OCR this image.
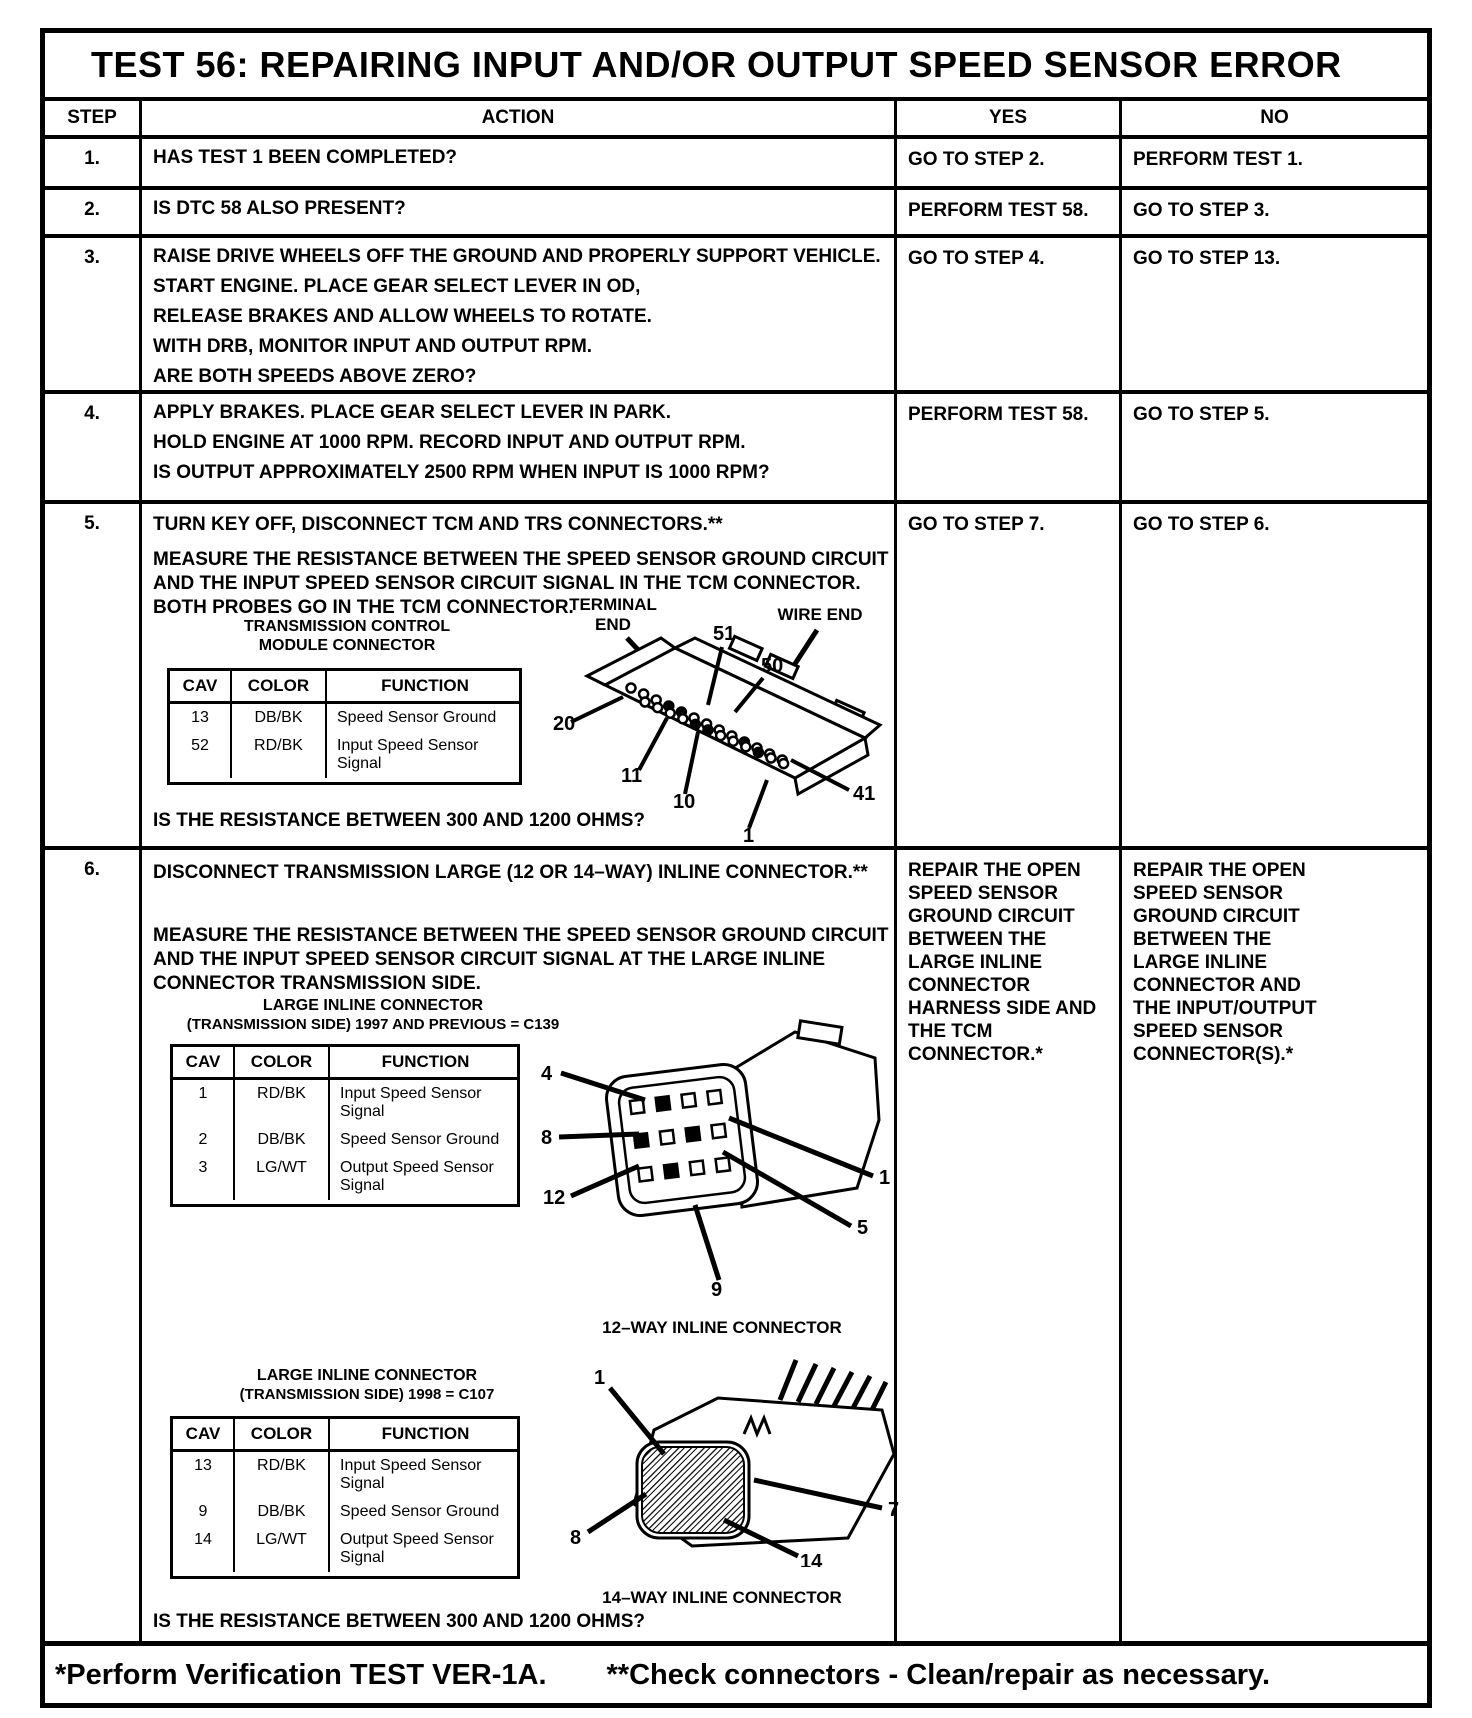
TEST 56: REPAIRING INPUT AND/OR OUTPUT SPEED SENSOR ERROR
STEP	ACTION	YES	NO
1.	HAS TEST 1 BEEN COMPLETED?	GO TO STEP 2.	PERFORM TEST 1.
2.	IS DTC 58 ALSO PRESENT?	PERFORM TEST 58.	GO TO STEP 3.
3.	RAISE DRIVE WHEELS OFF THE GROUND AND PROPERLY SUPPORT VEHICLE.
START ENGINE. PLACE GEAR SELECT LEVER IN OD,
RELEASE BRAKES AND ALLOW WHEELS TO ROTATE.
WITH DRB, MONITOR INPUT AND OUTPUT RPM.
ARE BOTH SPEEDS ABOVE ZERO?
GO TO STEP 4.	GO TO STEP 13.
4.	APPLY BRAKES. PLACE GEAR SELECT LEVER IN PARK.
HOLD ENGINE AT 1000 RPM. RECORD INPUT AND OUTPUT RPM.
IS OUTPUT APPROXIMATELY 2500 RPM WHEN INPUT IS 1000 RPM?
PERFORM TEST 58.	GO TO STEP 5.
5.	TURN KEY OFF, DISCONNECT TCM AND TRS CONNECTORS.**
MEASURE THE RESISTANCE BETWEEN THE SPEED SENSOR GROUND CIRCUIT
AND THE INPUT SPEED SENSOR CIRCUIT SIGNAL IN THE TCM CONNECTOR.
BOTH PROBES GO IN THE TCM CONNECTOR.
TRANSMISSION CONTROL
MODULE CONNECTOR
CAV	COLOR	FUNCTION
13	DB/BK	Speed Sensor Ground
52	RD/BK	Input Speed Sensor Signal
TERMINAL
END
WIRE END
20
51
50
11
10	41
1
IS THE RESISTANCE BETWEEN 300 AND 1200 OHMS?
GO TO STEP 7.	GO TO STEP 6.
6.	DISCONNECT TRANSMISSION LARGE (12 OR 14–WAY) INLINE CONNECTOR.**
MEASURE THE RESISTANCE BETWEEN THE SPEED SENSOR GROUND CIRCUIT
AND THE INPUT SPEED SENSOR CIRCUIT SIGNAL AT THE LARGE INLINE
CONNECTOR TRANSMISSION SIDE.
LARGE INLINE CONNECTOR
(TRANSMISSION SIDE) 1997 AND PREVIOUS = C139
CAV	COLOR	FUNCTION
1	RD/BK	Input Speed Sensor Signal
2	DB/BK	Speed Sensor Ground
3	LG/WT	Output Speed Sensor Signal
4
8
12
1
5
9
12–WAY INLINE CONNECTOR
LARGE INLINE CONNECTOR
(TRANSMISSION SIDE) 1998 = C107
CAV	COLOR	FUNCTION
13	RD/BK	Input Speed Sensor Signal
9	DB/BK	Speed Sensor Ground
14	LG/WT	Output Speed Sensor Signal
1
8
7
14
14–WAY INLINE CONNECTOR
IS THE RESISTANCE BETWEEN 300 AND 1200 OHMS?
REPAIR THE OPEN SPEED SENSOR GROUND CIRCUIT BETWEEN THE LARGE INLINE CONNECTOR HARNESS SIDE AND THE TCM CONNECTOR.*
REPAIR THE OPEN SPEED SENSOR GROUND CIRCUIT BETWEEN THE LARGE INLINE CONNECTOR AND THE INPUT/OUTPUT SPEED SENSOR CONNECTOR(S).*
*Perform Verification TEST VER-1A. **Check connectors - Clean/repair as necessary.
